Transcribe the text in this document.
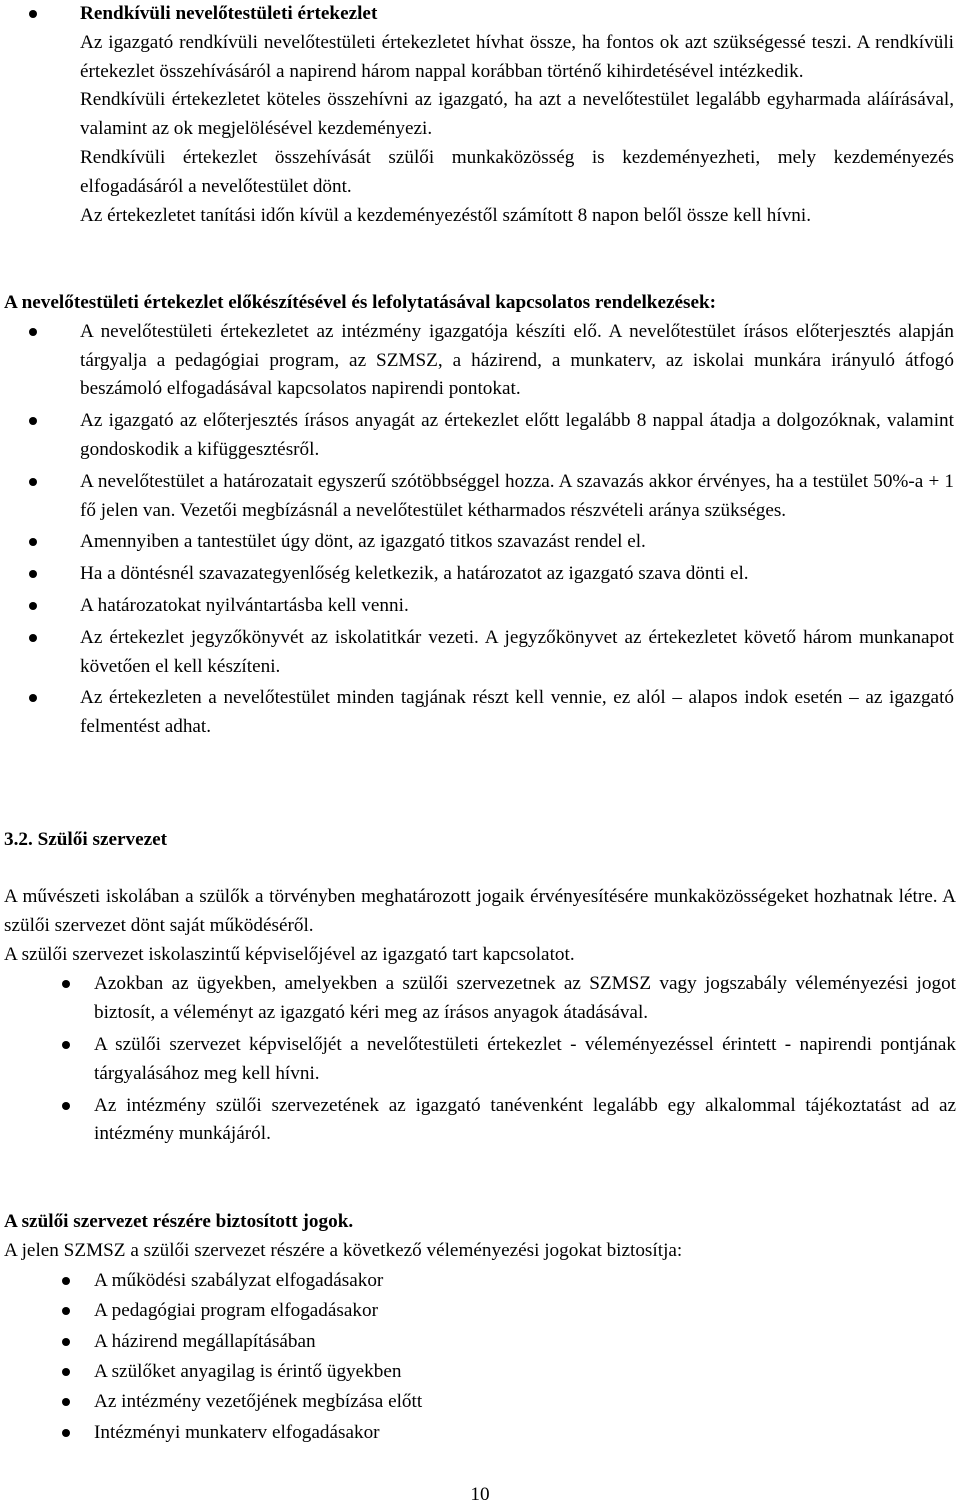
Rendkívüli nevelőtestületi értekezlet

Az igazgató rendkívüli nevelőtestületi értekezletet hívhat össze, ha fontos ok azt szükségessé teszi. A rendkívüli értekezlet összehívásáról a napirend három nappal korábban történő kihirdetésével intézkedik.

Rendkívüli értekezletet köteles összehívni az igazgató, ha azt a nevelőtestület legalább egyharmada aláírásával, valamint az ok megjelölésével kezdeményezi.

Rendkívüli értekezlet összehívását szülői munkaközösség is kezdeményezheti, mely kezdeményezés elfogadásáról a nevelőtestület dönt.

Az értekezletet tanítási időn kívül a kezdeményezéstől számított 8 napon belől össze kell hívni.

A nevelőtestületi értekezlet előkészítésével és lefolytatásával kapcsolatos rendelkezések:

A nevelőtestületi értekezletet az intézmény igazgatója készíti elő. A nevelőtestület írásos előterjesztés alapján tárgyalja a pedagógiai program, az SZMSZ, a házirend, a munkaterv, az iskolai munkára irányuló átfogó beszámoló elfogadásával kapcsolatos napirendi pontokat.
Az igazgató az előterjesztés írásos anyagát az értekezlet előtt legalább 8 nappal átadja a dolgozóknak, valamint gondoskodik a kifüggesztésről.
A nevelőtestület a határozatait egyszerű szótöbbséggel hozza. A szavazás akkor érvényes, ha a testület 50%-a + 1 fő jelen van. Vezetői megbízásnál a nevelőtestület kétharmados részvételi aránya szükséges.
Amennyiben a tantestület úgy dönt, az igazgató titkos szavazást rendel el.
Ha a döntésnél szavazategyenlőség keletkezik, a határozatot az igazgató szava dönti el.
A határozatokat nyilvántartásba kell venni.
Az értekezlet jegyzőkönyvét az iskolatitkár vezeti. A jegyzőkönyvet az értekezletet követő három munkanapot követően el kell készíteni.
Az értekezleten a nevelőtestület minden tagjának részt kell vennie, ez alól – alapos indok esetén – az igazgató felmentést adhat.
3.2. Szülői szervezet

A művészeti iskolában a szülők a törvényben meghatározott jogaik érvényesítésére munkaközösségeket hozhatnak létre. A szülői szervezet dönt saját működéséről.

A szülői szervezet iskolaszintű képviselőjével az igazgató tart kapcsolatot.

Azokban az ügyekben, amelyekben a szülői szervezetnek az SZMSZ vagy jogszabály véleményezési jogot biztosít, a véleményt az igazgató kéri meg az írásos anyagok átadásával.
A szülői szervezet képviselőjét a nevelőtestületi értekezlet - véleményezéssel érintett - napirendi pontjának tárgyalásához meg kell hívni.
Az intézmény szülői szervezetének az igazgató tanévenként legalább egy alkalommal tájékoztatást ad az intézmény munkájáról.

A szülői szervezet részére biztosított jogok.

A jelen SZMSZ a szülői szervezet részére a következő véleményezési jogokat biztosítja:

A működési szabályzat elfogadásakor
A pedagógiai program elfogadásakor
A házirend megállapításában
A szülőket anyagilag is érintő ügyekben
Az intézmény vezetőjének megbízása előtt
Intézményi munkaterv elfogadásakor
10
